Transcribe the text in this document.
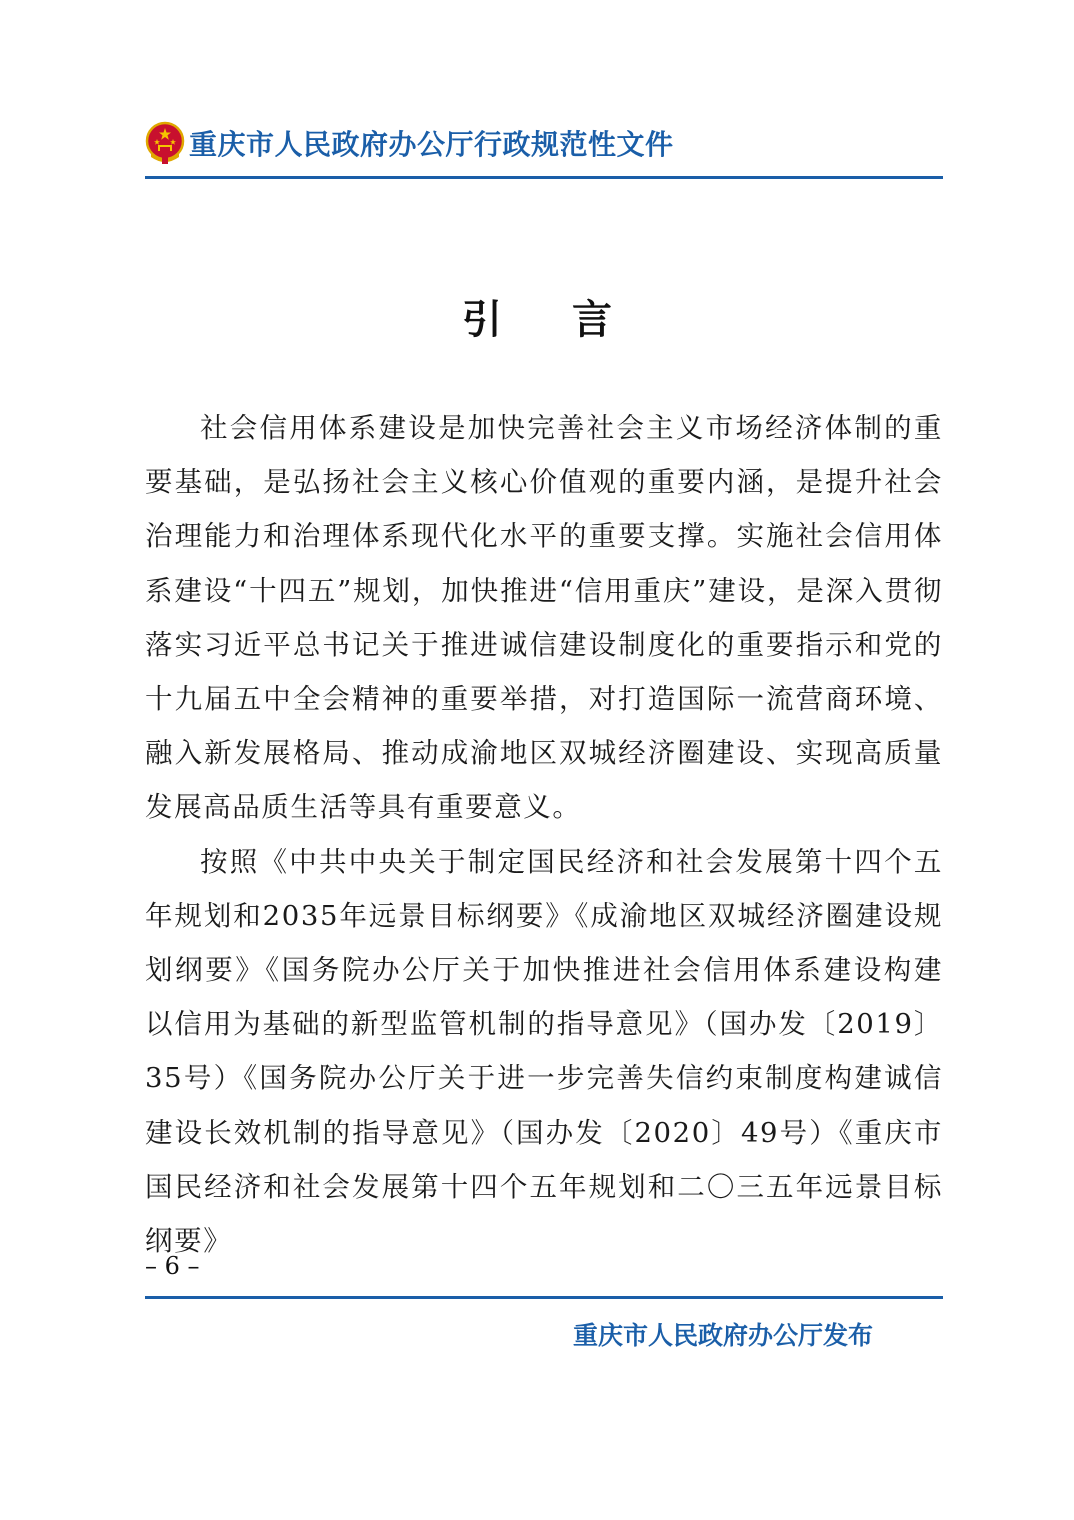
重庆市人民政府办公厅行政规范性文件
引言

社会信用体系建设是加快完善社会主义市场经济体制的重要基础，是弘扬社会主义核心价值观的重要内涵，是提升社会治理能力和治理体系现代化水平的重要支撑。实施社会信用体系建设“十四五”规划，加快推进“信用重庆”建设，是深入贯彻落实习近平总书记关于推进诚信建设制度化的重要指示和党的十九届五中全会精神的重要举措，对打造国际一流营商环境、融入新发展格局、推动成渝地区双城经济圈建设、实现高质量发展高品质生活等具有重要意义。

按照《中共中央关于制定国民经济和社会发展第十四个五年规划和2035年远景目标纲要》《成渝地区双城经济圈建设规划纲要》《国务院办公厅关于加快推进社会信用体系建设构建以信用为基础的新型监管机制的指导意见》（国办发〔2019〕35号）《国务院办公厅关于进一步完善失信约束制度构建诚信建设长效机制的指导意见》（国办发〔2020〕49号）《重庆市国民经济和社会发展第十四个五年规划和二〇三五年远景目标纲要》

– 6 –
重庆市人民政府办公厅发布
